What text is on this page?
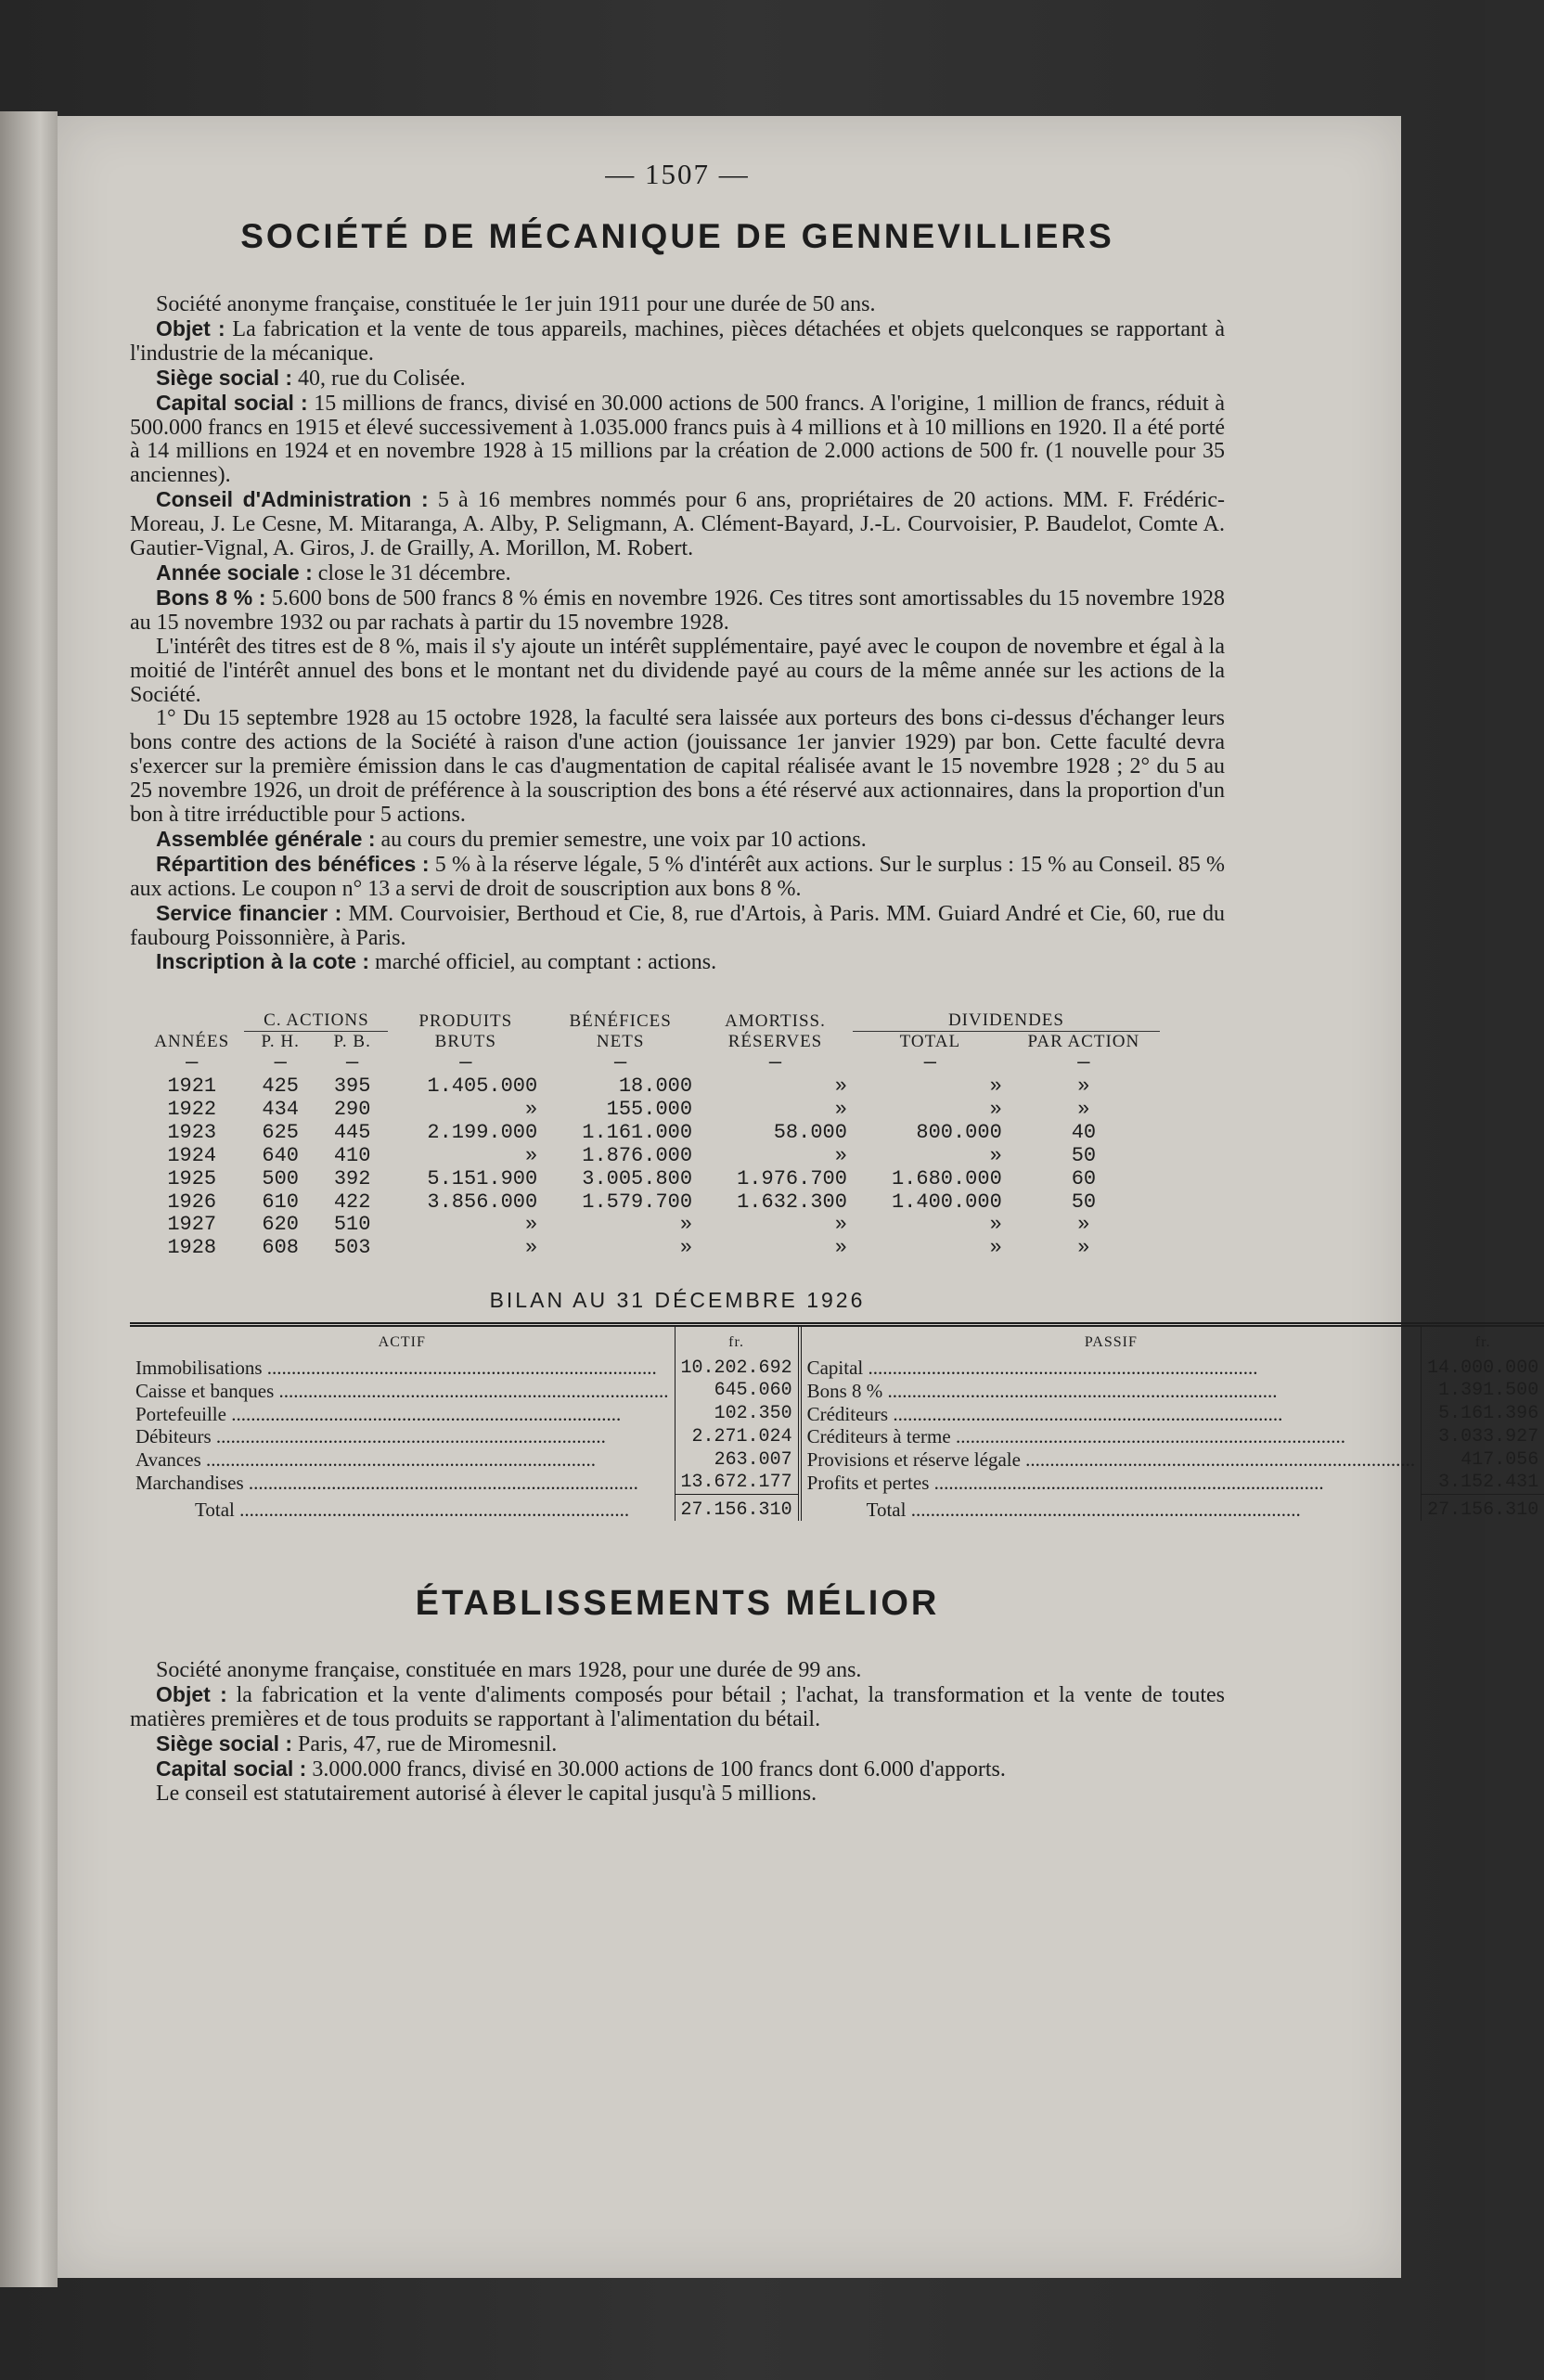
— 1507 —
SOCIÉTÉ DE MÉCANIQUE DE GENNEVILLIERS

Société anonyme française, constituée le 1er juin 1911 pour une durée de 50 ans.

Objet : La fabrication et la vente de tous appareils, machines, pièces détachées et objets quelconques se rapportant à l'industrie de la mécanique.

Siège social : 40, rue du Colisée.

Capital social : 15 millions de francs, divisé en 30.000 actions de 500 francs. A l'origine, 1 million de francs, réduit à 500.000 francs en 1915 et élevé successivement à 1.035.000 francs puis à 4 millions et à 10 millions en 1920. Il a été porté à 14 millions en 1924 et en novembre 1928 à 15 millions par la création de 2.000 actions de 500 fr. (1 nouvelle pour 35 anciennes).

Conseil d'Administration : 5 à 16 membres nommés pour 6 ans, propriétaires de 20 actions. MM. F. Frédéric-Moreau, J. Le Cesne, M. Mitaranga, A. Alby, P. Seligmann, A. Clément-Bayard, J.-L. Courvoisier, P. Baudelot, Comte A. Gautier-Vignal, A. Giros, J. de Grailly, A. Morillon, M. Robert.

Année sociale : close le 31 décembre.

Bons 8 % : 5.600 bons de 500 francs 8 % émis en novembre 1926. Ces titres sont amortissables du 15 novembre 1928 au 15 novembre 1932 ou par rachats à partir du 15 novembre 1928.

L'intérêt des titres est de 8 %, mais il s'y ajoute un intérêt supplémentaire, payé avec le coupon de novembre et égal à la moitié de l'intérêt annuel des bons et le montant net du dividende payé au cours de la même année sur les actions de la Société.

1° Du 15 septembre 1928 au 15 octobre 1928, la faculté sera laissée aux porteurs des bons ci-dessus d'échanger leurs bons contre des actions de la Société à raison d'une action (jouissance 1er janvier 1929) par bon. Cette faculté devra s'exercer sur la première émission dans le cas d'augmentation de capital réalisée avant le 15 novembre 1928 ; 2° du 5 au 25 novembre 1926, un droit de préférence à la souscription des bons a été réservé aux actionnaires, dans la proportion d'un bon à titre irréductible pour 5 actions.

Assemblée générale : au cours du premier semestre, une voix par 10 actions.

Répartition des bénéfices : 5 % à la réserve légale, 5 % d'intérêt aux actions. Sur le surplus : 15 % au Conseil. 85 % aux actions. Le coupon n° 13 a servi de droit de souscription aux bons 8 %.

Service financier : MM. Courvoisier, Berthoud et Cie, 8, rue d'Artois, à Paris. MM. Guiard André et Cie, 60, rue du faubourg Poissonnière, à Paris.

Inscription à la cote : marché officiel, au comptant : actions.

ANNÉES	C. ACTIONS		PRODUITS	BÉNÉFICES	AMORTISS.	DIVIDENDES	
	P. H.	P. B.	BRUTS	NETS	RÉSERVES	TOTAL	PAR ACTION
—	—	—	—	—	—	—	—
1921	425	395	1.405.000	18.000	»	»	»
1922	434	290	»	155.000	»	»	»
1923	625	445	2.199.000	1.161.000	58.000	800.000	40
1924	640	410	»	1.876.000	»	»	50
1925	500	392	5.151.900	3.005.800	1.976.700	1.680.000	60
1926	610	422	3.856.000	1.579.700	1.632.300	1.400.000	50
1927	620	510	»	»	»	»	»
1928	608	503	»	»	»	»	»
BILAN AU 31 DÉCEMBRE 1926
ACTIF	fr.	PASSIF	fr.
Immobilisations .....	10.202.692	Capital .....	14.000.000
Caisse et banques .....	645.060	Bons 8 % .....	1.391.500
Portefeuille .....	102.350	Créditeurs .....	5.161.396
Débiteurs .....	2.271.024	Créditeurs à terme .....	3.033.927
Avances .....	263.007	Provisions et réserve légale .....	417.056
Marchandises .....	13.672.177	Profits et pertes .....	3.152.431
Total .....	27.156.310	Total .....	27.156.310
ÉTABLISSEMENTS MÉLIOR

Société anonyme française, constituée en mars 1928, pour une durée de 99 ans.

Objet : la fabrication et la vente d'aliments composés pour bétail ; l'achat, la transformation et la vente de toutes matières premières et de tous produits se rapportant à l'alimentation du bétail.

Siège social : Paris, 47, rue de Miromesnil.

Capital social : 3.000.000 francs, divisé en 30.000 actions de 100 francs dont 6.000 d'apports.

Le conseil est statutairement autorisé à élever le capital jusqu'à 5 millions.
